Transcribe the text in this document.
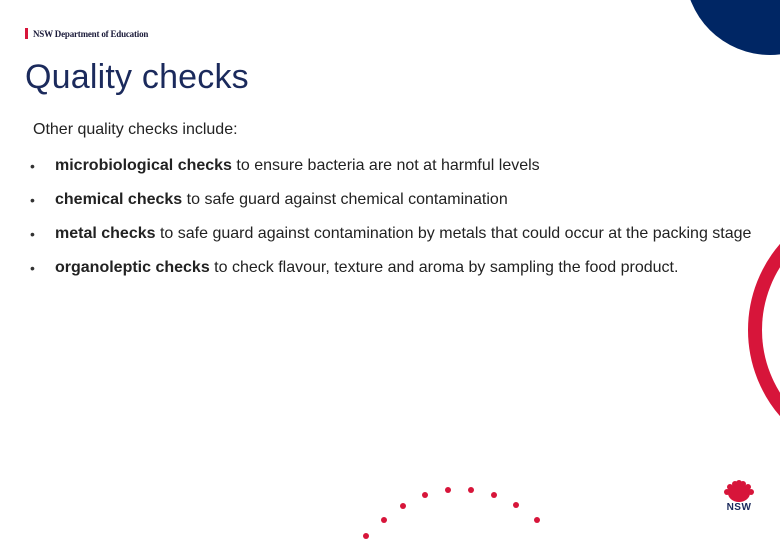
NSW Department of Education
Quality checks
Other quality checks include:
• microbiological checks to ensure bacteria are not at harmful levels
• chemical checks to safe guard against chemical contamination
• metal checks to safe guard against contamination by metals that could occur at the packing stage
• organoleptic checks to check flavour, texture and aroma by sampling the food product.
NSW
